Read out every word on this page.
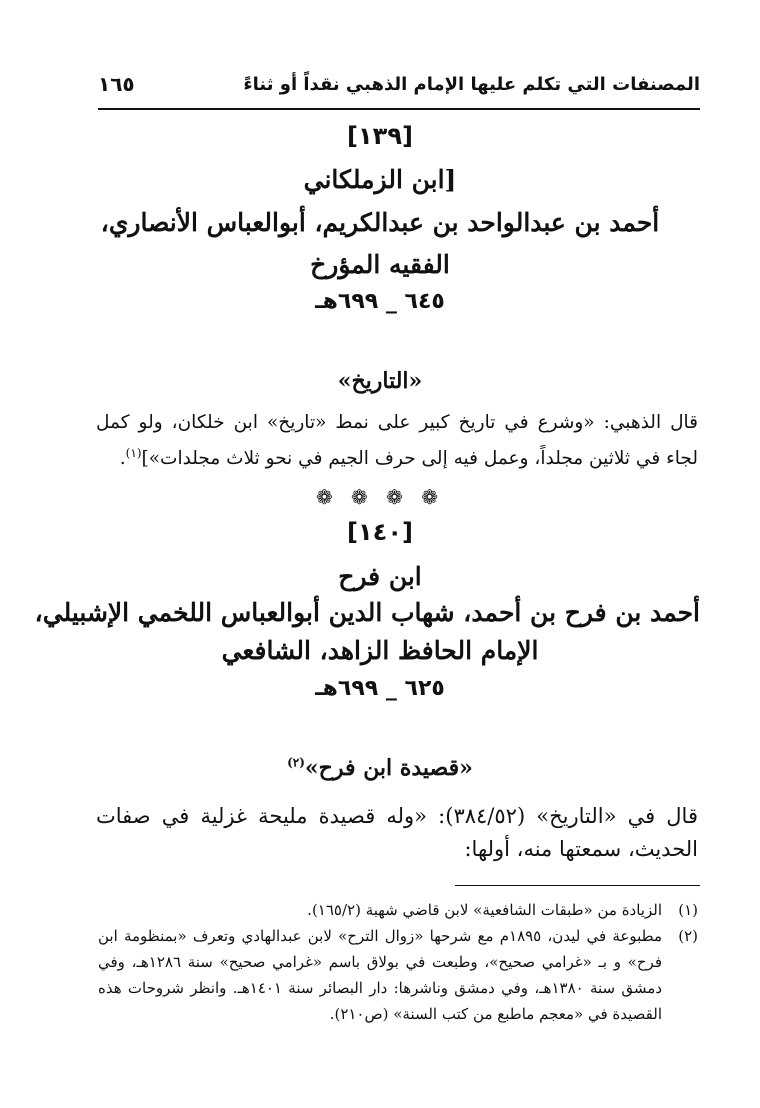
المصنفات التي تكلم عليها الإمام الذهبي نقداً أو ثناءً
١٦٥
[١٣٩]
[ابن الزملكاني
أحمد بن عبدالواحد بن عبدالكريم، أبوالعباس الأنصاري،
الفقيه المؤرخ
٦٤٥ _ ٦٩٩هـ
«التاريخ»
قال الذهبي: «وشرع في تاريخ كبير على نمط «تاريخ» ابن خلكان، ولو كمل لجاء في ثلاثين مجلداً، وعمل فيه إلى حرف الجيم في نحو ثلاث مجلدات»]$^{(١)}$.
❁ ❁ ❁ ❁
[١٤٠]
ابن فرح
أحمد بن فرح بن أحمد، شهاب الدين أبوالعباس اللخمي الإشبيلي،
الإمام الحافظ الزاهد، الشافعي
٦٢٥ _ ٦٩٩هـ
«قصيدة ابن فرح»$^{(٢)}$
قال في «التاريخ» (٣٨٤/٥٢): «وله قصيدة مليحة غزلية في صفات الحديث، سمعتها منه، أولها:
(١)
الزيادة من «طبقات الشافعية» لابن قاضي شهبة (١٦٥/٢).
(٢)
مطبوعة في ليدن، ١٨٩٥م مع شرحها «زوال الترح» لابن عبدالهادي وتعرف «بمنظومة ابن فرح» و بـ «غرامي صحيح»، وطبعت في بولاق باسم «غرامي صحيح» سنة ١٢٨٦هـ، وفي دمشق سنة ١٣٨٠هـ، وفي دمشق وناشرها: دار البصائر سنة ١٤٠١هـ. وانظر شروحات هذه القصيدة في «معجم ماطبع من كتب السنة» (ص٢١٠).
